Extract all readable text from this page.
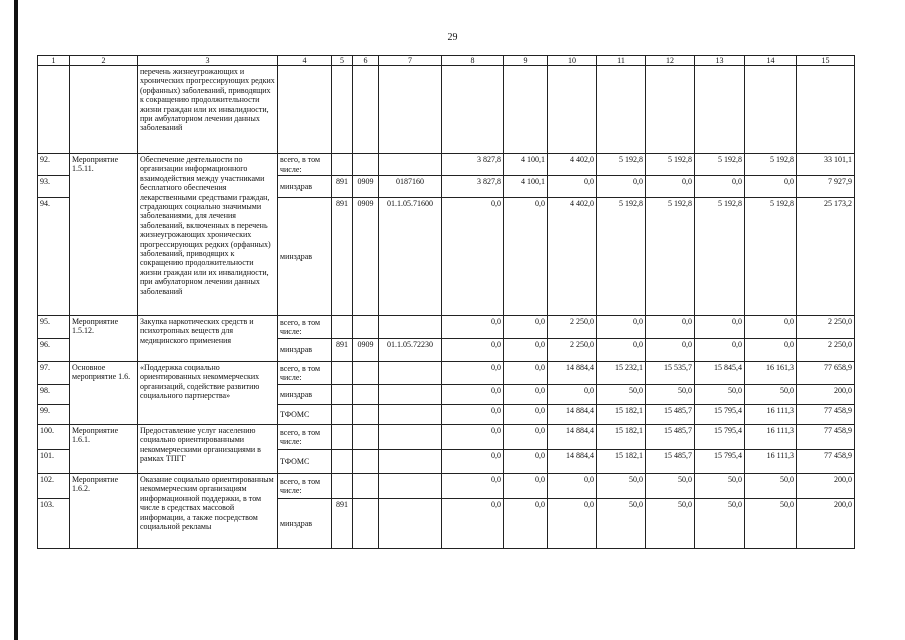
29
1	2	3	4	5	6	7	8	9	10	11	12	13	14	15
		перечень жизнеугрожающих и хронических прогрессирующих редких (орфанных) заболеваний, приводящих к сокращению продолжительности жизни граждан или их инвалидности, при амбулаторном лечении данных заболеваний												
92.	Мероприятие 1.5.11.	Обеспечение деятельности по организации информационного взаимодействия между участниками бесплатного обеспечения лекарственными средствами граждан, страдающих социально значимыми заболеваниями, для лечения заболеваний, включенных в перечень жизнеугрожающих хронических прогрессирующих редких (орфанных) заболеваний, приводящих к сокращению продолжительности жизни граждан или их инвалидности, при амбулаторном лечении данных заболеваний	всего, в том числе:				3 827,8	4 100,1	4 402,0	5 192,8	5 192,8	5 192,8	5 192,8	33 101,1
93.			минздрав	891	0909	0187160	3 827,8	4 100,1	0,0	0,0	0,0	0,0	0,0	7 927,9
94.			минздрав	891	0909	01.1.05.71600	0,0	0,0	4 402,0	5 192,8	5 192,8	5 192,8	5 192,8	25 173,2
95.	Мероприятие 1.5.12.	Закупка наркотических средств и психотропных веществ для медицинского применения	всего, в том числе:				0,0	0,0	2 250,0	0,0	0,0	0,0	0,0	2 250,0
96.			минздрав	891	0909	01.1.05.72230	0,0	0,0	2 250,0	0,0	0,0	0,0	0,0	2 250,0
97.	Основное мероприятие 1.6.	«Поддержка социально ориентированных некоммерческих организаций, содействие развитию социального партнерства»	всего, в том числе:				0,0	0,0	14 884,4	15 232,1	15 535,7	15 845,4	16 161,3	77 658,9
98.			минздрав				0,0	0,0	0,0	50,0	50,0	50,0	50,0	200,0
99.			ТФОМС				0,0	0,0	14 884,4	15 182,1	15 485,7	15 795,4	16 111,3	77 458,9
100.	Мероприятие 1.6.1.	Предоставление услуг населению социально ориентированными некоммерческими организациями в рамках ТПГГ	всего, в том числе:				0,0	0,0	14 884,4	15 182,1	15 485,7	15 795,4	16 111,3	77 458,9
101.			ТФОМС				0,0	0,0	14 884,4	15 182,1	15 485,7	15 795,4	16 111,3	77 458,9
102.	Мероприятие 1.6.2.	Оказание социально ориентированным некоммерческим организациям информационной поддержки, в том числе в средствах массовой информации, а также посредством социальной рекламы	всего, в том числе:				0,0	0,0	0,0	50,0	50,0	50,0	50,0	200,0
103.			минздрав	891			0,0	0,0	0,0	50,0	50,0	50,0	50,0	200,0
